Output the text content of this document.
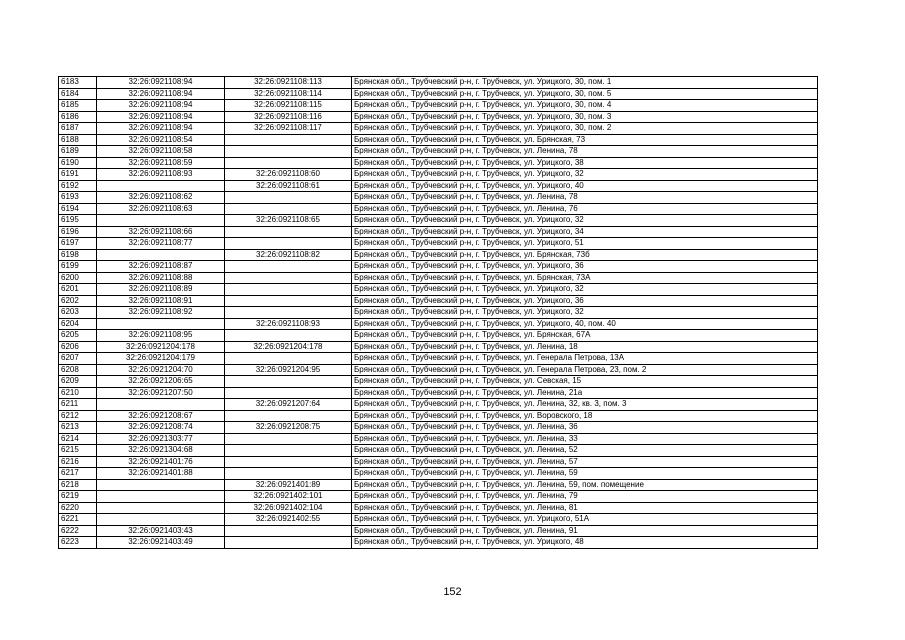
6183	32:26:0921108:94	32:26:0921108:113	Брянская обл., Трубчевский р-н, г. Трубчевск, ул. Урицкого, 30, пом. 1
6184	32:26:0921108:94	32:26:0921108:114	Брянская обл., Трубчевский р-н, г. Трубчевск, ул. Урицкого, 30, пом. 5
6185	32:26:0921108:94	32:26:0921108:115	Брянская обл., Трубчевский р-н, г. Трубчевск, ул. Урицкого, 30, пом. 4
6186	32:26:0921108:94	32:26:0921108:116	Брянская обл., Трубчевский р-н, г. Трубчевск, ул. Урицкого, 30, пом. 3
6187	32:26:0921108:94	32:26:0921108:117	Брянская обл., Трубчевский р-н, г. Трубчевск, ул. Урицкого, 30, пом. 2
6188	32:26:0921108:54		Брянская обл., Трубчевский р-н, г. Трубчевск, ул. Брянская, 73
6189	32:26:0921108:58		Брянская обл., Трубчевский р-н, г. Трубчевск, ул. Ленина, 78
6190	32:26:0921108:59		Брянская обл., Трубчевский р-н, г. Трубчевск, ул. Урицкого, 38
6191	32:26:0921108:93	32:26:0921108:60	Брянская обл., Трубчевский р-н, г. Трубчевск, ул. Урицкого, 32
6192		32:26:0921108:61	Брянская обл., Трубчевский р-н, г. Трубчевск, ул. Урицкого, 40
6193	32:26:0921108:62		Брянская обл., Трубчевский р-н, г. Трубчевск, ул. Ленина, 78
6194	32:26:0921108:63		Брянская обл., Трубчевский р-н, г. Трубчевск, ул. Ленина, 76
6195		32:26:0921108:65	Брянская обл., Трубчевский р-н, г. Трубчевск, ул. Урицкого, 32
6196	32:26:0921108:66		Брянская обл., Трубчевский р-н, г. Трубчевск, ул. Урицкого, 34
6197	32:26:0921108:77		Брянская обл., Трубчевский р-н, г. Трубчевск, ул. Урицкого, 51
6198		32:26:0921108:82	Брянская обл., Трубчевский р-н, г. Трубчевск, ул. Брянская, 73б
6199	32:26:0921108:87		Брянская обл., Трубчевский р-н, г. Трубчевск, ул. Урицкого, 36
6200	32:26:0921108:88		Брянская обл., Трубчевский р-н, г. Трубчевск, ул. Брянская, 73А
6201	32:26:0921108:89		Брянская обл., Трубчевский р-н, г. Трубчевск, ул. Урицкого, 32
6202	32:26:0921108:91		Брянская обл., Трубчевский р-н, г. Трубчевск, ул. Урицкого, 36
6203	32:26:0921108:92		Брянская обл., Трубчевский р-н, г. Трубчевск, ул. Урицкого, 32
6204		32:26:0921108:93	Брянская обл., Трубчевский р-н, г. Трубчевск, ул. Урицкого, 40, пом. 40
6205	32:26:0921108:95		Брянская обл., Трубчевский р-н, г. Трубчевск, ул. Брянская, 67А
6206	32:26:0921204:178	32:26:0921204:178	Брянская обл., Трубчевский р-н, г. Трубчевск, ул. Ленина, 18
6207	32:26:0921204:179		Брянская обл., Трубчевский р-н, г. Трубчевск, ул. Генерала Петрова, 13А
6208	32:26:0921204:70	32:26:0921204:95	Брянская обл., Трубчевский р-н, г. Трубчевск, ул. Генерала Петрова, 23, пом. 2
6209	32:26:0921206:65		Брянская обл., Трубчевский р-н, г. Трубчевск, ул. Севская, 15
6210	32:26:0921207:50		Брянская обл., Трубчевский р-н, г. Трубчевск, ул. Ленина, 21а
6211		32:26:0921207:64	Брянская обл., Трубчевский р-н, г. Трубчевск, ул. Ленина, 32, кв. 3, пом. 3
6212	32:26:0921208:67		Брянская обл., Трубчевский р-н, г. Трубчевск, ул. Воровского, 18
6213	32:26:0921208:74	32:26:0921208:75	Брянская обл., Трубчевский р-н, г. Трубчевск, ул. Ленина, 36
6214	32:26:0921303:77		Брянская обл., Трубчевский р-н, г. Трубчевск, ул. Ленина, 33
6215	32:26:0921304:68		Брянская обл., Трубчевский р-н, г. Трубчевск, ул. Ленина, 52
6216	32:26:0921401:76		Брянская обл., Трубчевский р-н, г. Трубчевск, ул. Ленина, 57
6217	32:26:0921401:88		Брянская обл., Трубчевский р-н, г. Трубчевск, ул. Ленина, 59
6218		32:26:0921401:89	Брянская обл., Трубчевский р-н, г. Трубчевск, ул. Ленина, 59, пом. помещение
6219		32:26:0921402:101	Брянская обл., Трубчевский р-н, г. Трубчевск, ул. Ленина, 79
6220		32:26:0921402:104	Брянская обл., Трубчевский р-н, г. Трубчевск, ул. Ленина, 81
6221		32:26:0921402:55	Брянская обл., Трубчевский р-н, г. Трубчевск, ул. Урицкого, 51А
6222	32:26:0921403:43		Брянская обл., Трубчевский р-н, г. Трубчевск, ул. Ленина, 91
6223	32:26:0921403:49		Брянская обл., Трубчевский р-н, г. Трубчевск, ул. Урицкого, 48
152
